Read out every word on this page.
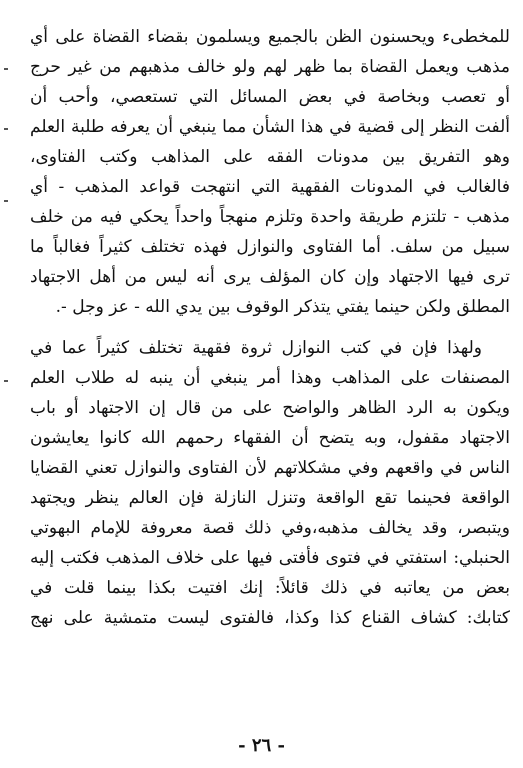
للمخطىء ويحسنون الظن بالجميع ويسلمون بقضاء القضاة على أي
مذهب ويعمل القضاة بما ظهر لهم ولو خالف مذهبهم من غير حرج
أو تعصب وبخاصة في بعض المسائل التي تستعصي، وأحب أن
ألفت النظر إلى قضية في هذا الشأن مما ينبغي أن يعرفه طلبة العلم
وهو التفريق بين مدونات الفقه على المذاهب وكتب الفتاوى،
فالغالب في المدونات الفقهية التي انتهجت قواعد المذهب - أي
مذهب - تلتزم طريقة واحدة وتلزم منهجاً واحداً يحكي فيه من خلف
سبيل من سلف. أما الفتاوى والنوازل فهذه تختلف كثيراً فغالباً ما
ترى فيها الاجتهاد وإن كان المؤلف يرى أنه ليس من أهل الاجتهاد
المطلق ولكن حينما يفتي يتذكر الوقوف بين يدي الله - عز وجل -.
ولهذا فإن في كتب النوازل ثروة فقهية تختلف كثيراً عما في
المصنفات على المذاهب وهذا أمر ينبغي أن ينبه له طلاب العلم
ويكون به الرد الظاهر والواضح على من قال إن الاجتهاد أو باب
الاجتهاد مقفول، وبه يتضح أن الفقهاء رحمهم الله كانوا يعايشون
الناس في واقعهم وفي مشكلاتهم لأن الفتاوى والنوازل تعني القضايا
الواقعة فحينما تقع الواقعة وتنزل النازلة فإن العالم ينظر ويجتهد
ويتبصر، وقد يخالف مذهبه،وفي ذلك قصة معروفة للإمام البهوتي
الحنبلي: استفتي في فتوى فأفتى فيها على خلاف المذهب فكتب إليه
بعض من يعاتبه في ذلك قائلاً: إنك افتيت بكذا بينما قلت في
كتابك: كشاف القناع كذا وكذا، فالفتوى ليست متمشية على نهج
- ٢٦ -
